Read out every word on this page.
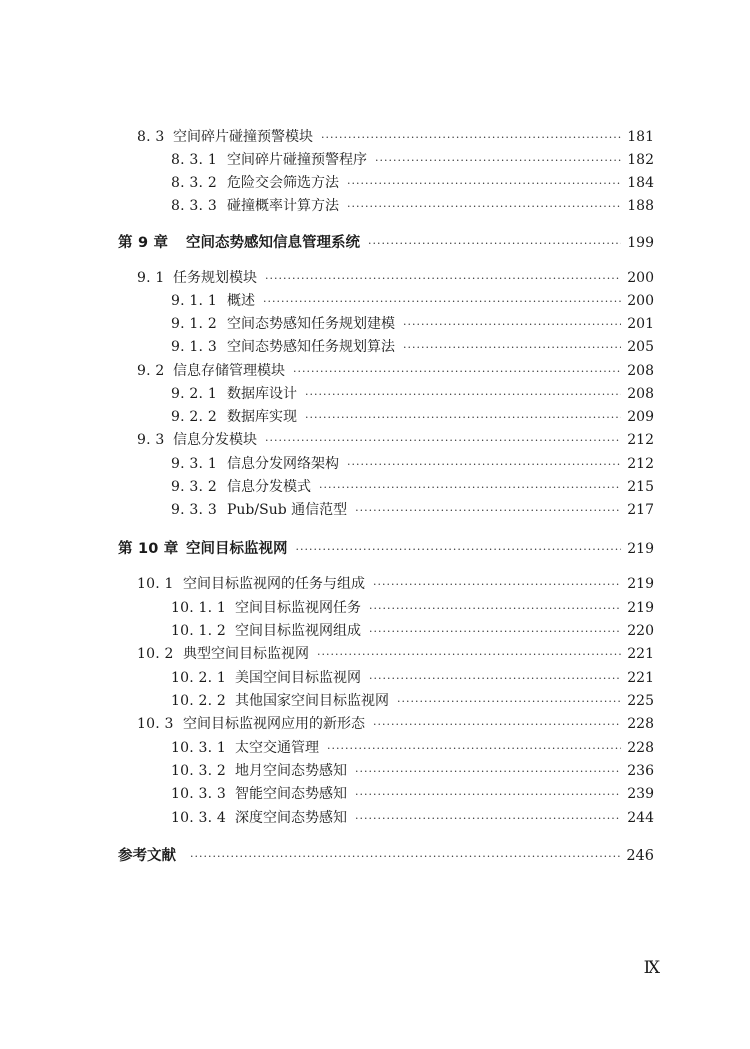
8. 3 空间碎片碰撞预警模块 ·····	181
8. 3. 1 空间碎片碰撞预警程序 ·····	182
8. 3. 2 危险交会筛选方法 ·····	184
8. 3. 3 碰撞概率计算方法 ·····	188
第 9 章	空间态势感知信息管理系统 ·····	199
9. 1 任务规划模块 ·····	200
9. 1. 1 概述 ·····	200
9. 1. 2 空间态势感知任务规划建模 ·····	201
9. 1. 3 空间态势感知任务规划算法 ·····	205
9. 2 信息存储管理模块 ·····	208
9. 2. 1 数据库设计 ·····	208
9. 2. 2 数据库实现 ·····	209
9. 3 信息分发模块 ·····	212
9. 3. 1 信息分发网络架构 ·····	212
9. 3. 2 信息分发模式 ·····	215
9. 3. 3 Pub/Sub 通信范型 ·····	217
第 10 章 空间目标监视网 ·····	219
10. 1 空间目标监视网的任务与组成 ·····	219
10. 1. 1 空间目标监视网任务 ·····	219
10. 1. 2 空间目标监视网组成 ·····	220
10. 2 典型空间目标监视网 ·····	221
10. 2. 1 美国空间目标监视网 ·····	221
10. 2. 2 其他国家空间目标监视网 ·····	225
10. 3 空间目标监视网应用的新形态 ·····	228
10. 3. 1 太空交通管理 ·····	228
10. 3. 2 地月空间态势感知 ·····	236
10. 3. 3 智能空间态势感知 ·····	239
10. 3. 4 深度空间态势感知 ·····	244
参考文献 ·····	246
Ⅸ
